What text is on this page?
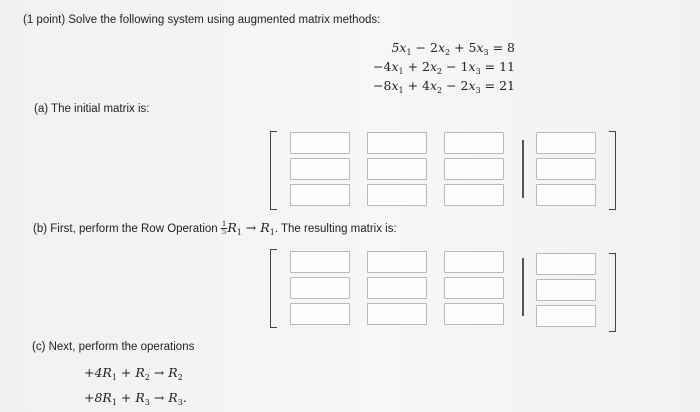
(1 point) Solve the following system using augmented matrix methods:
$5x_1 - 2x_2 + 5x_3 = 8$
$-4x_1 + 2x_2 - 1x_3 = 11$
$-8x_1 + 4x_2 - 2x_3 = 21$
(a) The initial matrix is:
(b) First, perform the Row Operation $\frac{1}{5} R_1 \to R_1$. The resulting matrix is:
(c) Next, perform the operations
$+4R_1 + R_2 \to R_2$
$+8R_1 + R_3 \to R_3$.
